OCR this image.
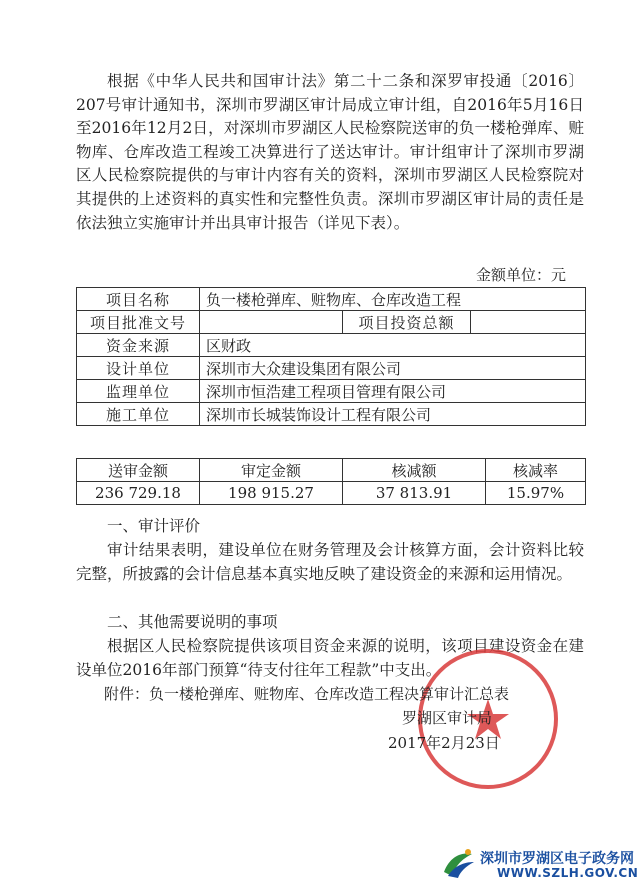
根据《中华人民共和国审计法》第二十二条和深罗审投通〔2016〕207号审计通知书，深圳市罗湖区审计局成立审计组，自2016年5月16日至2016年12月2日，对深圳市罗湖区人民检察院送审的负一楼枪弹库、赃物库、仓库改造工程竣工决算进行了送达审计。审计组审计了深圳市罗湖区人民检察院提供的与审计内容有关的资料，深圳市罗湖区人民检察院对其提供的上述资料的真实性和完整性负责。深圳市罗湖区审计局的责任是依法独立实施审计并出具审计报告（详见下表）。

金额单位：元
项目名称	负一楼枪弹库、赃物库、仓库改造工程		
项目批准文号		项目投资总额	
资金来源	区财政		
设计单位	深圳市大众建设集团有限公司		
监理单位	深圳市恒浩建工程项目管理有限公司		
施工单位	深圳市长城装饰设计工程有限公司		
送审金额	审定金额	核减额	核减率
236 729.18	198 915.27	37 813.91	15.97%

一、审计评价

审计结果表明，建设单位在财务管理及会计核算方面，会计资料比较完整，所披露的会计信息基本真实地反映了建设资金的来源和运用情况。

二、其他需要说明的事项

根据区人民检察院提供该项目资金来源的说明，该项目建设资金在建设单位2016年部门预算“待支付往年工程款”中支出。

附件：负一楼枪弹库、赃物库、仓库改造工程决算审计汇总表
罗湖区审计局
2017年2月23日
深圳市罗湖区电子政务网
WWW.SZLH.GOV.CN
